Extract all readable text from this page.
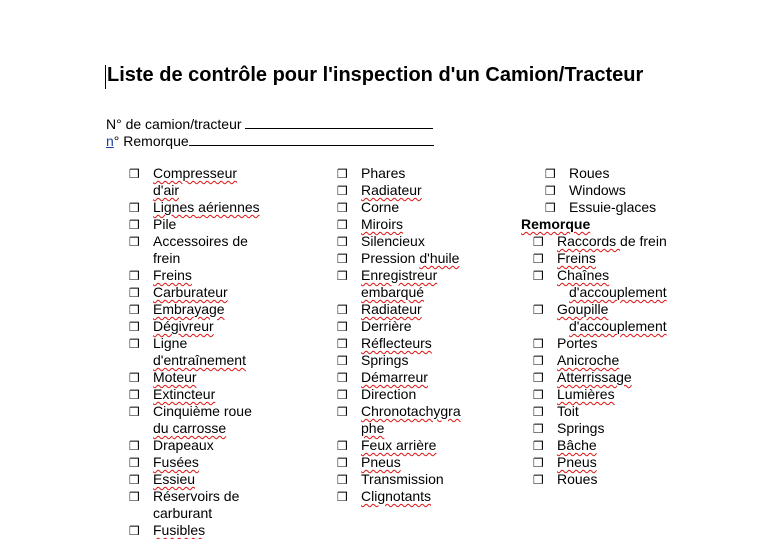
Liste de contrôle pour l'inspection d'un Camion/Tracteur
N° de camion/tracteur
n° Remorque
❒ Compresseur
d'air
❒ Lignes aériennes
❒ Pile
❒ Accessoires de
frein
❒ Freins
❒ Carburateur
❒ Embrayage
❒ Dégivreur
❒ Ligne
d'entraînement
❒ Moteur
❒ Extincteur
❒ Cinquième roue
du carrosse
❒ Drapeaux
❒ Fusées
❒ Essieu
❒ Réservoirs de
carburant
❒ Fusibles
❒ Phares
❒ Radiateur
❒ Corne
❒ Miroirs
❒ Silencieux
❒ Pression d'huile
❒ Enregistreur
embarqué
❒ Radiateur
❒ Derrière
❒ Réflecteurs
❒ Springs
❒ Démarreur
❒ Direction
❒ Chronotachygra
phe
❒ Feux arrière
❒ Pneus
❒ Transmission
❒ Clignotants
❒ Roues
❒ Windows
❒ Essuie-glaces
Remorque
❒ Raccords de frein
❒ Freins
❒ Chaînes
d'accouplement
❒ Goupille
d'accouplement
❒ Portes
❒ Anicroche
❒ Atterrissage
❒ Lumières
❒ Toit
❒ Springs
❒ Bâche
❒ Pneus
❒ Roues
